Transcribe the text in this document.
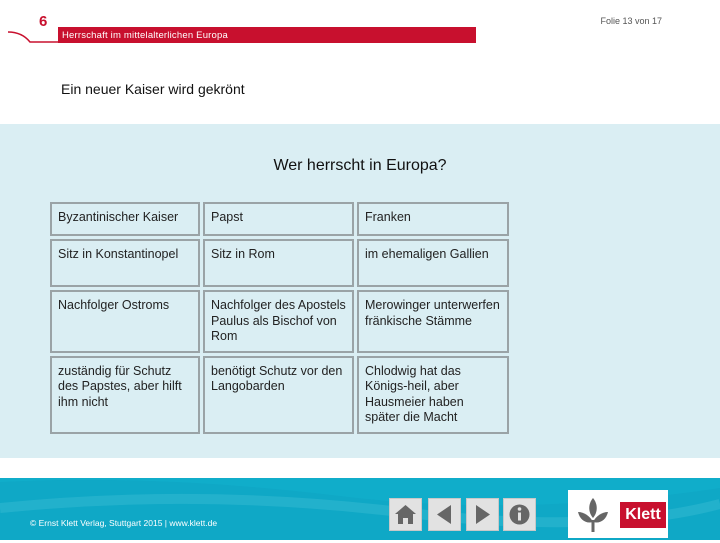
6	Folie 13 von 17
Herrschaft im mittelalterlichen Europa
Ein neuer Kaiser wird gekrönt
Wer herrscht in Europa?
Byzantinischer Kaiser	Papst	Franken
Sitz in Konstantinopel	Sitz in Rom	im ehemaligen Gallien
Nachfolger Ostroms	Nachfolger des Apostels Paulus als Bischof von Rom	Merowinger unterwerfen fränkische Stämme
zuständig für Schutz des Papstes, aber hilft ihm nicht	benötigt Schutz vor den Langobarden	Chlodwig hat das Königs-heil, aber Hausmeier haben später die Macht
© Ernst Klett Verlag, Stuttgart 2015 | www.klett.de	Klett
